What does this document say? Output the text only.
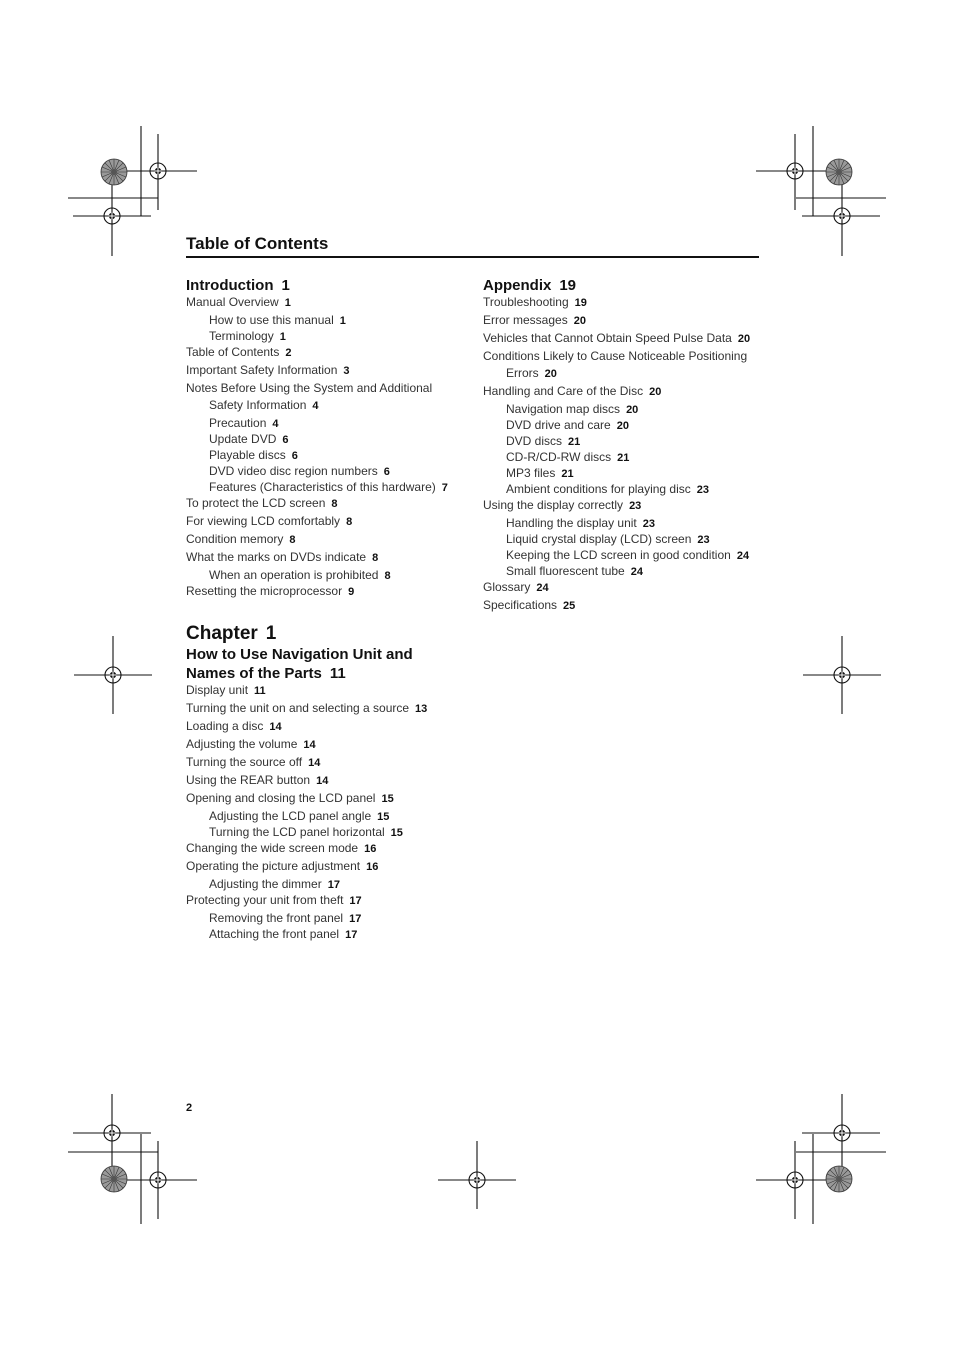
Table of Contents
Introduction 1
Manual Overview 1
How to use this manual 1
Terminology 1
Table of Contents 2
Important Safety Information 3
Notes Before Using the System and Additional
Safety Information 4
Precaution 4
Update DVD 6
Playable discs 6
DVD video disc region numbers 6
Features (Characteristics of this hardware) 7
To protect the LCD screen 8
For viewing LCD comfortably 8
Condition memory 8
What the marks on DVDs indicate 8
When an operation is prohibited 8
Resetting the microprocessor 9
Chapter 1
How to Use Navigation Unit and
Names of the Parts 11
Display unit 11
Turning the unit on and selecting a source 13
Loading a disc 14
Adjusting the volume 14
Turning the source off 14
Using the REAR button 14
Opening and closing the LCD panel 15
Adjusting the LCD panel angle 15
Turning the LCD panel horizontal 15
Changing the wide screen mode 16
Operating the picture adjustment 16
Adjusting the dimmer 17
Protecting your unit from theft 17
Removing the front panel 17
Attaching the front panel 17
Appendix 19
Troubleshooting 19
Error messages 20
Vehicles that Cannot Obtain Speed Pulse Data 20
Conditions Likely to Cause Noticeable Positioning
Errors 20
Handling and Care of the Disc 20
Navigation map discs 20
DVD drive and care 20
DVD discs 21
CD-R/CD-RW discs 21
MP3 files 21
Ambient conditions for playing disc 23
Using the display correctly 23
Handling the display unit 23
Liquid crystal display (LCD) screen 23
Keeping the LCD screen in good condition 24
Small fluorescent tube 24
Glossary 24
Specifications 25
2
